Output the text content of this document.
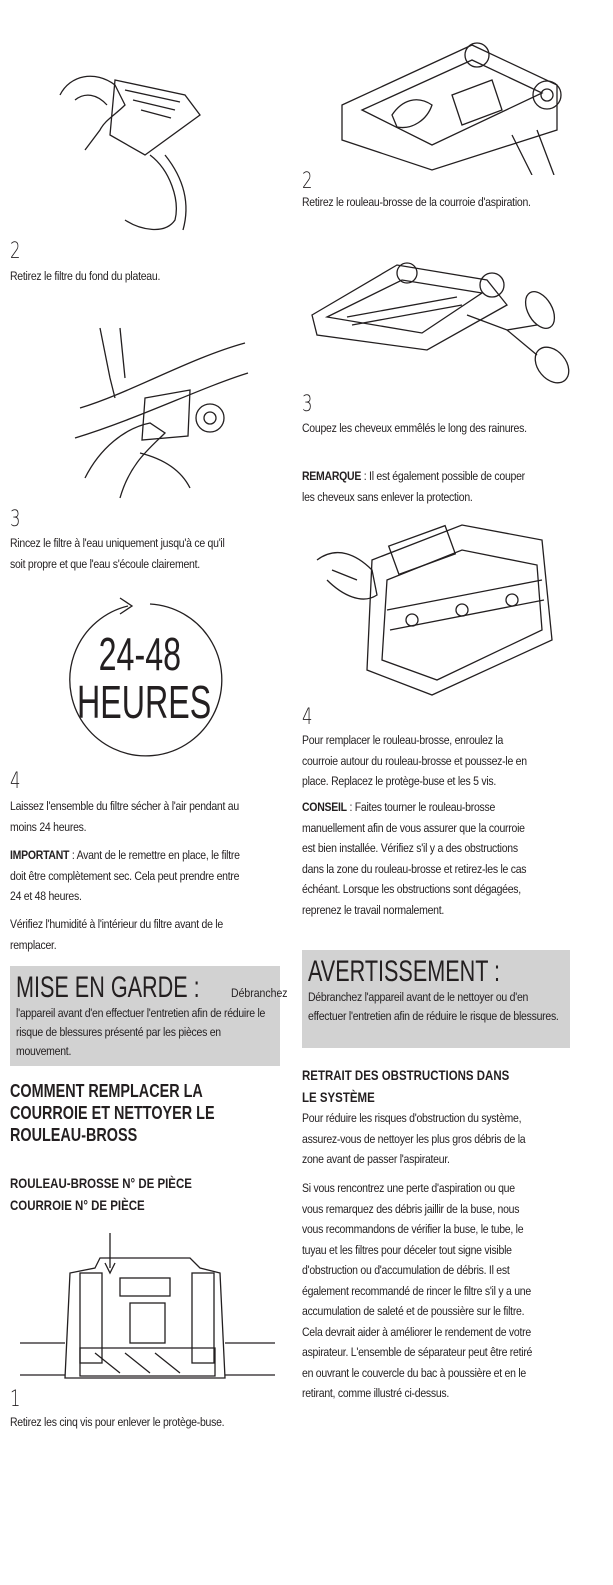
2
Retirez le filtre du fond du plateau.
3
Rincez le filtre à l'eau uniquement jusqu'à ce qu'il soit propre et que l'eau s'écoule clairement.
24-48
HEURES
4
Laissez l'ensemble du filtre sécher à l'air pendant au moins 24 heures.
IMPORTANT : Avant de le remettre en place, le filtre doit être complètement sec. Cela peut prendre entre 24 et 48 heures.
Vérifiez l'humidité à l'intérieur du filtre avant de le remplacer.
MISE EN GARDE :	Débranchez
l'appareil avant d'en effectuer l'entretien afin de réduire le risque de blessures présenté par les pièces en mouvement.
COMMENT REMPLACER LA COURROIE ET NETTOYER LE ROULEAU-BROSS
ROULEAU-BROSSE N° DE PIÈCE
COURROIE N° DE PIÈCE
1
Retirez les cinq vis pour enlever le protège-buse.
2
Retirez le rouleau-brosse de la courroie d'aspiration.
3
Coupez les cheveux emmêlés le long des rainures.
REMARQUE : Il est également possible de couper les cheveux sans enlever la protection.
4
Pour remplacer le rouleau-brosse, enroulez la courroie autour du rouleau-brosse et poussez-le en place. Replacez le protège-buse et les 5 vis.
CONSEIL : Faites tourner le rouleau-brosse manuellement afin de vous assurer que la courroie est bien installée. Vérifiez s'il y a des obstructions dans la zone du rouleau-brosse et retirez-les le cas échéant. Lorsque les obstructions sont dégagées, reprenez le travail normalement.
AVERTISSEMENT :
Débranchez l'appareil avant de le nettoyer ou d'en effectuer l'entretien afin de réduire le risque de blessures.
RETRAIT DES OBSTRUCTIONS DANS LE SYSTÈME
Pour réduire les risques d'obstruction du système, assurez-vous de nettoyer les plus gros débris de la zone avant de passer l'aspirateur.
Si vous rencontrez une perte d'aspiration ou que vous remarquez des débris jaillir de la buse, nous vous recommandons de vérifier la buse, le tube, le tuyau et les filtres pour déceler tout signe visible d'obstruction ou d'accumulation de débris. Il est également recommandé de rincer le filtre s'il y a une accumulation de saleté et de poussière sur le filtre. Cela devrait aider à améliorer le rendement de votre aspirateur. L'ensemble de séparateur peut être retiré en ouvrant le couvercle du bac à poussière et en le retirant, comme illustré ci-dessus.
